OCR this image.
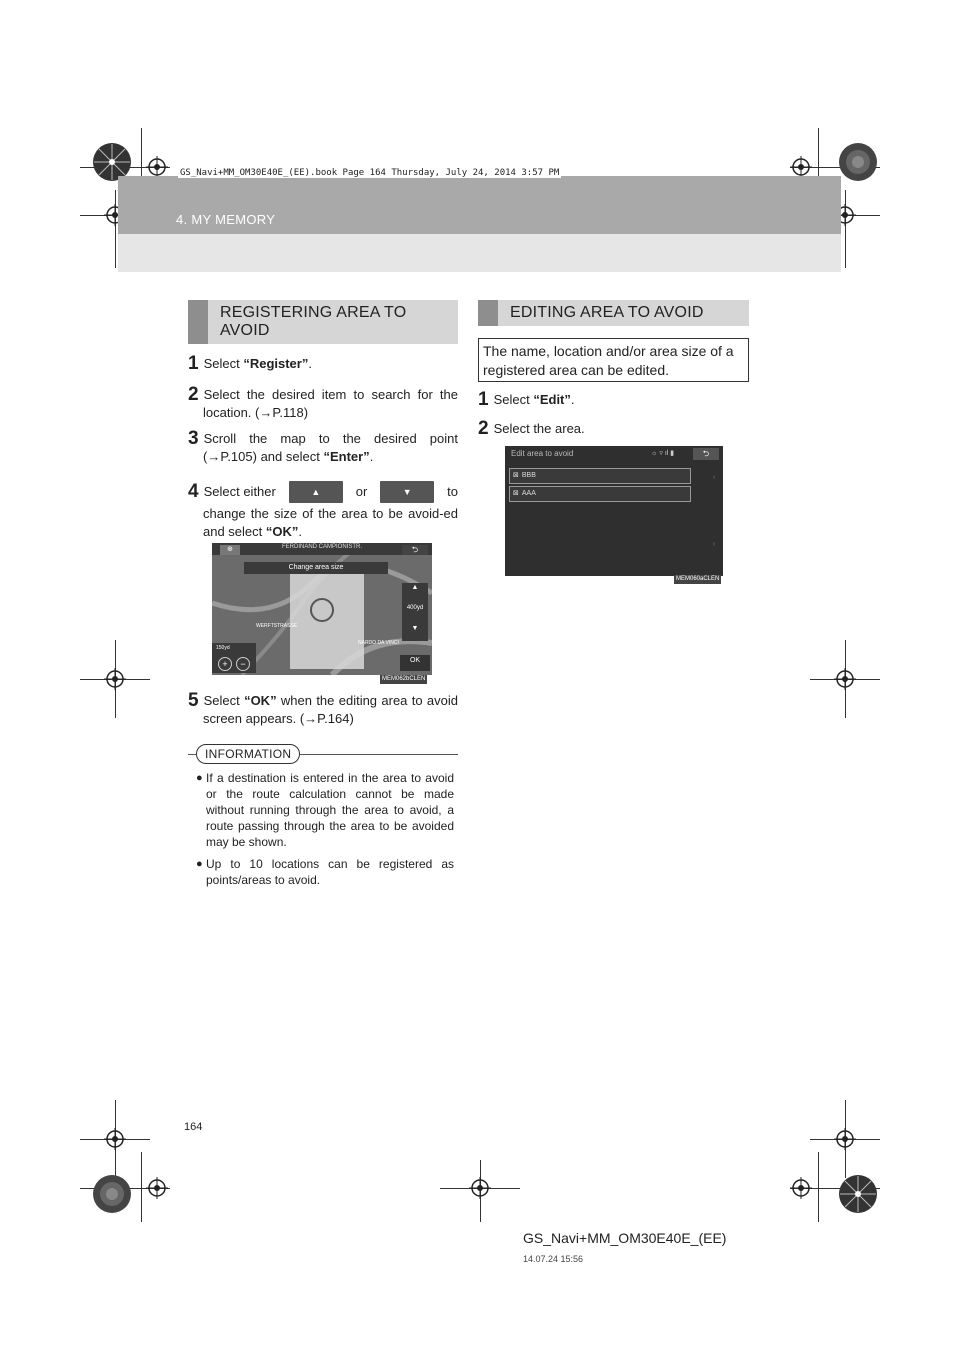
GS_Navi+MM_OM30E40E_(EE).book Page 164 Thursday, July 24, 2014 3:57 PM
4. MY MEMORY
REGISTERING AREA TO AVOID
1 Select “Register”.
2 Select the desired item to search for the location. (→P.118)
3 Scroll the map to the desired point (→P.105) and select “Enter”.
4 Select either	▲	or	▼	to
change the size of the area to be avoid-ed and select “OK”.
FERDINAND CAMPIONISTR.
⊕	⮌
Change area size
WERFTSTRASSE
NARDO DA VINCI
▲
400yd
▼
OK
150yd
+	−
MEM062bCLEN
5 Select “OK” when the editing area to avoid screen appears. (→P.164)
INFORMATION
● If a destination is entered in the area to avoid or the route calculation cannot be made without running through the area to avoid, a route passing through the area to be avoided may be shown.
● Up to 10 locations can be registered as points/areas to avoid.
EDITING AREA TO AVOID
The name, location and/or area size of a registered area can be edited.
1 Select “Edit”.
2 Select the area.
Edit area to avoid	☼ ▿ ıl ▮	⮌
⊠ BBB
⊠ AAA
‹
‹
MEM060aCLEN
164
GS_Navi+MM_OM30E40E_(EE)
14.07.24 15:56
